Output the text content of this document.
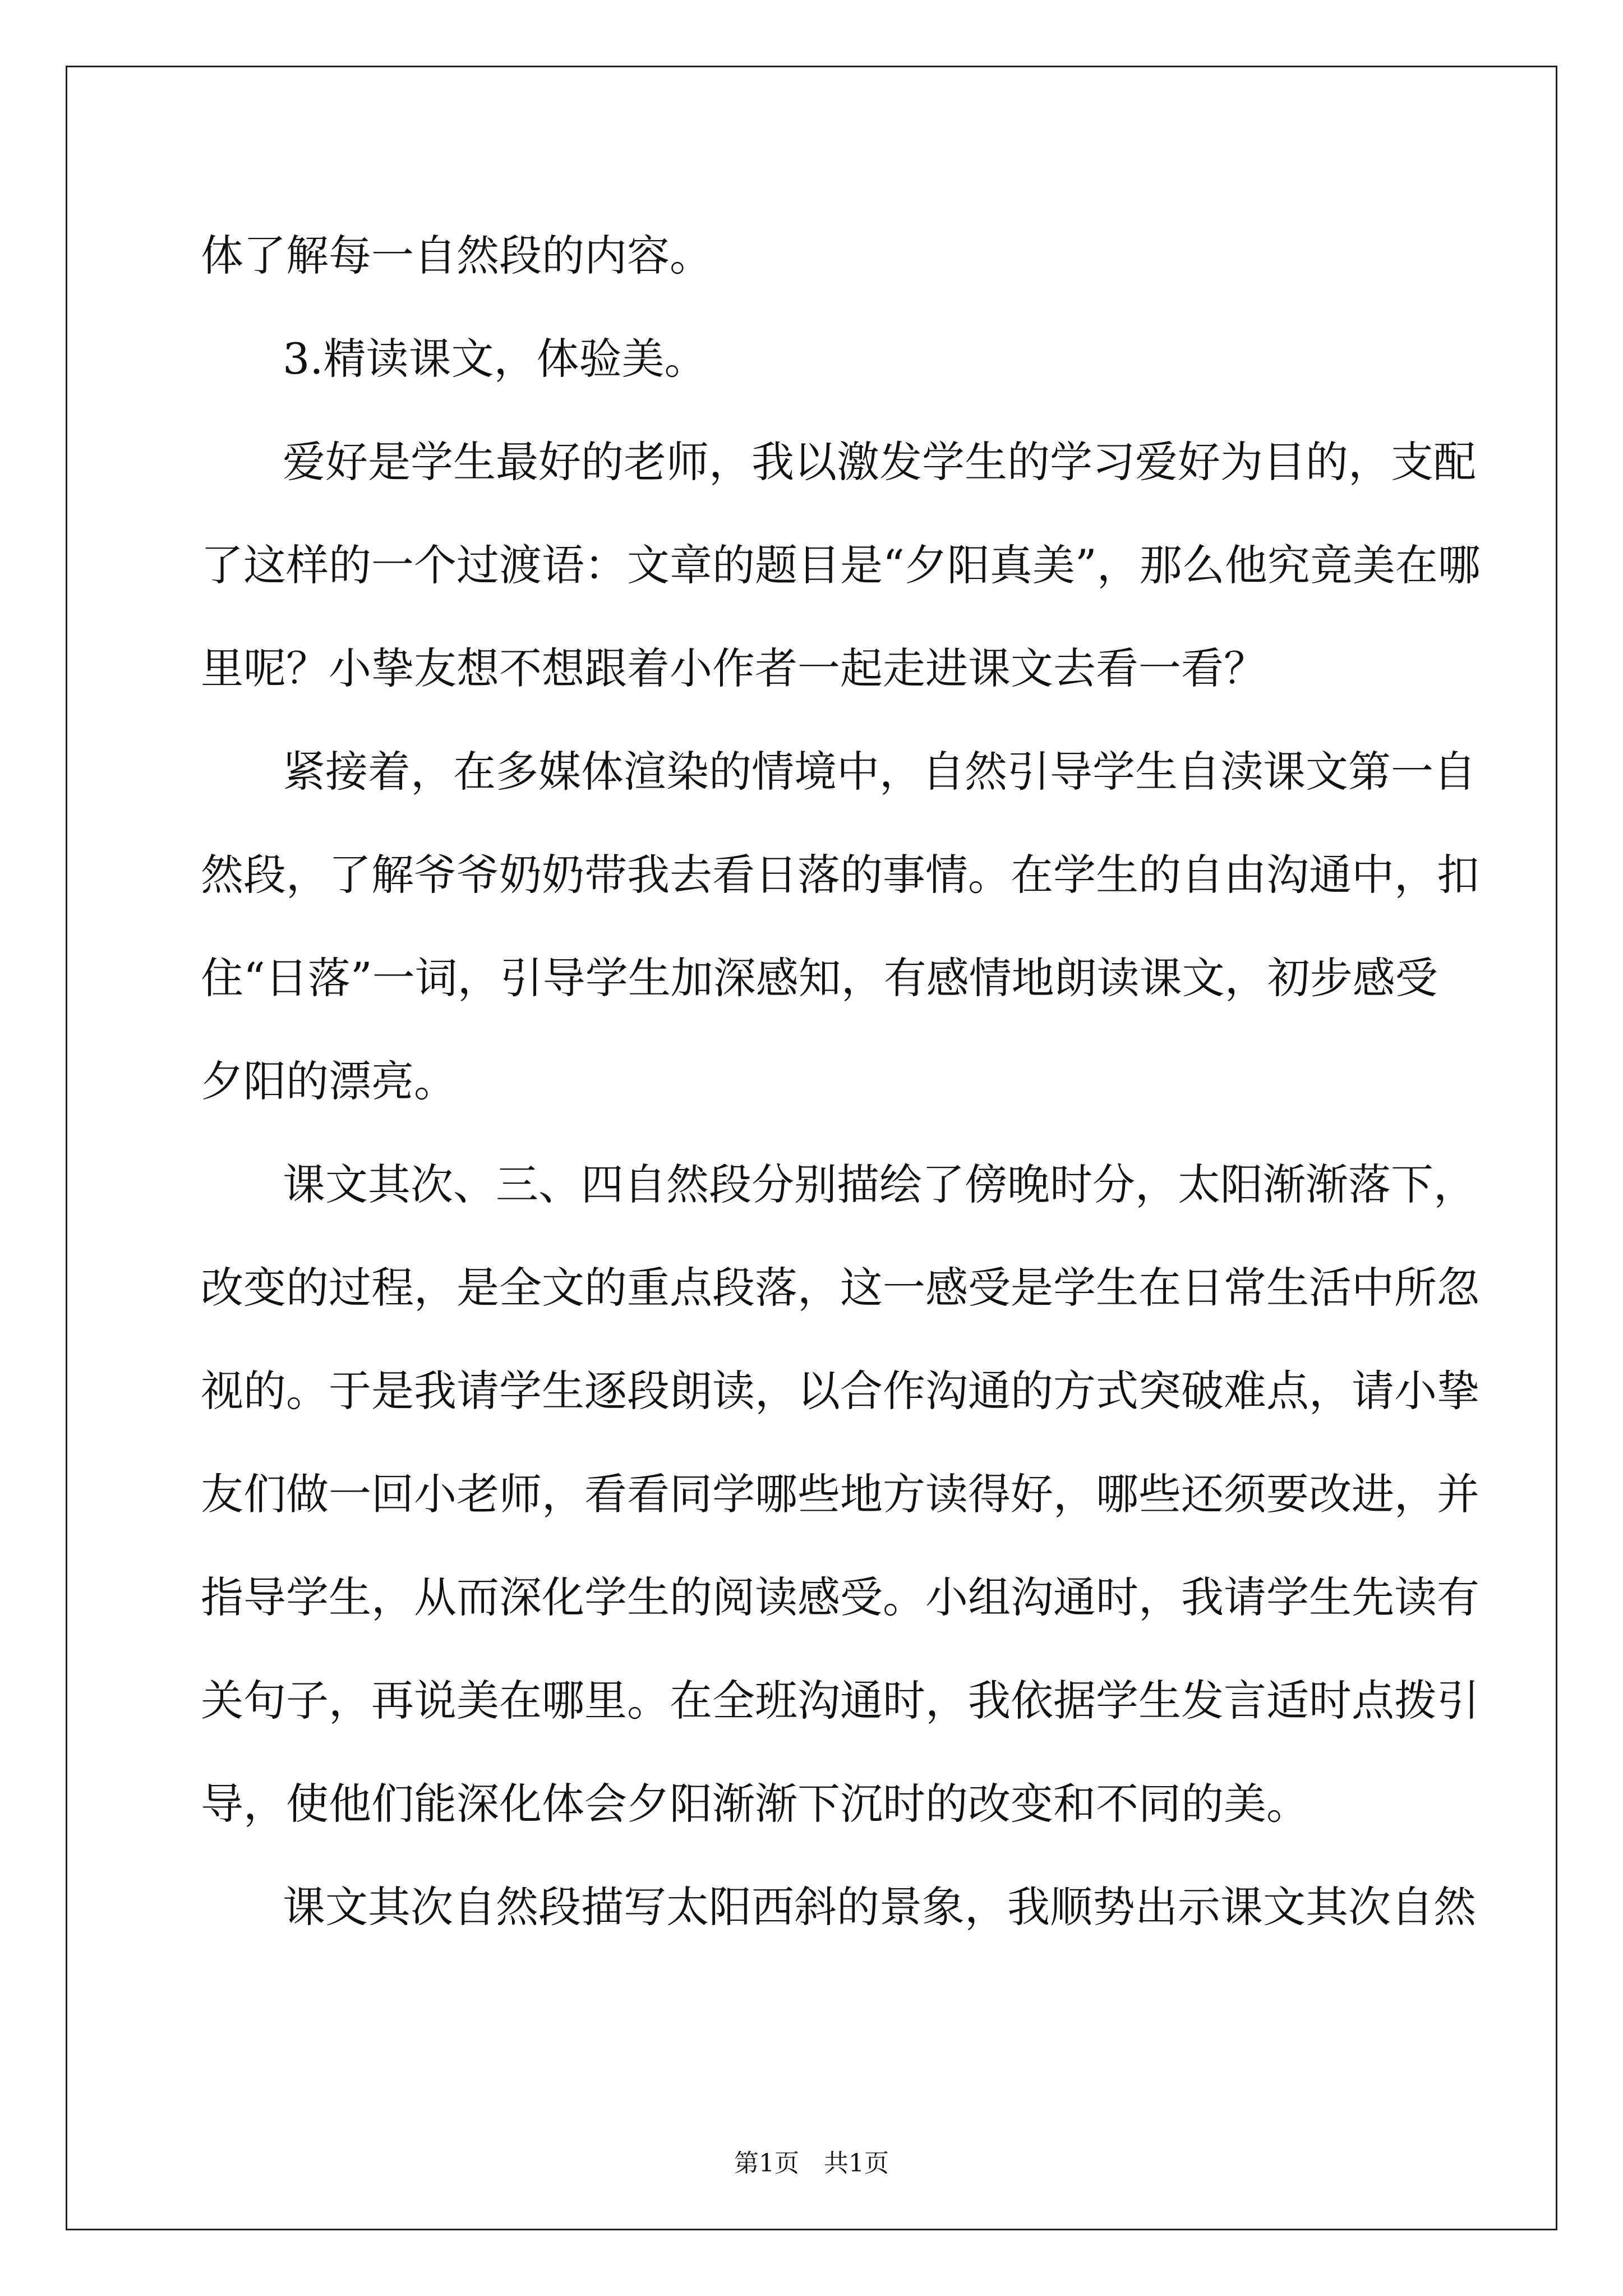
体了解每一自然段的内容。
3.精读课文，体验美。
爱好是学生最好的老师，我以激发学生的学习爱好为目的，支配
了这样的一个过渡语：文章的题目是“夕阳真美”，那么他究竟美在哪
里呢？小挚友想不想跟着小作者一起走进课文去看一看？
紧接着，在多媒体渲染的情境中，自然引导学生自渎课文第一自
然段，了解爷爷奶奶带我去看日落的事情。在学生的自由沟通中，扣
住“日落”一词，引导学生加深感知，有感情地朗读课文，初步感受
夕阳的漂亮。
课文其次、三、四自然段分别描绘了傍晚时分，太阳渐渐落下，
改变的过程，是全文的重点段落，这一感受是学生在日常生活中所忽
视的。于是我请学生逐段朗读，以合作沟通的方式突破难点，请小挚
友们做一回小老师，看看同学哪些地方读得好，哪些还须要改进，并
指导学生，从而深化学生的阅读感受。小组沟通时，我请学生先读有
关句子，再说美在哪里。在全班沟通时，我依据学生发言适时点拨引
导，使他们能深化体会夕阳渐渐下沉时的改变和不同的美。
课文其次自然段描写太阳西斜的景象，我顺势出示课文其次自然
第1页　共1页
